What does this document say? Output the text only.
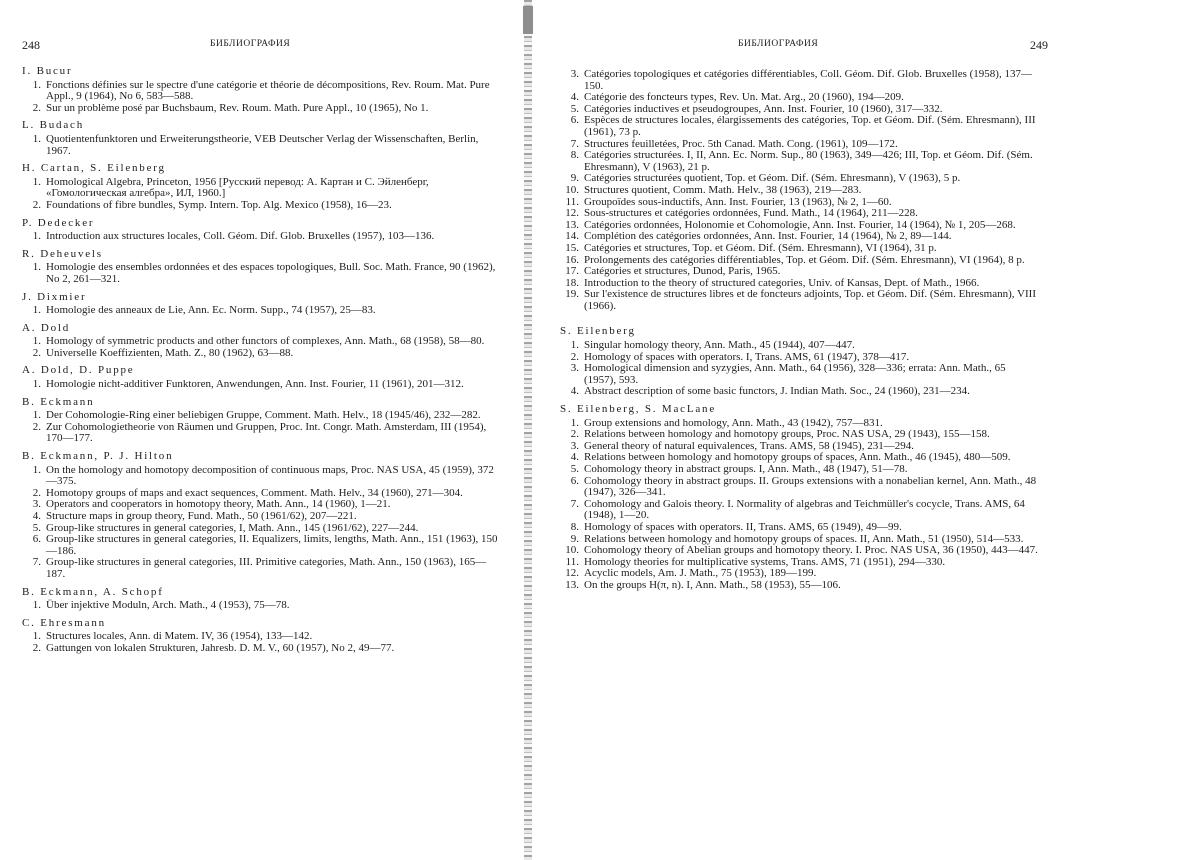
248	БИБЛИОГРАФИЯ
I. Bucur
1. Fonctions définies sur le spectre d'une catégorie et théorie de décompositions, Rev. Roum. Mat. Pure Appl., 9 (1964), No 6, 583—588.
2. Sur un problème posé par Buchsbaum, Rev. Roum. Math. Pure Appl., 10 (1965), No 1.
L. Budach
1. Quotientenfunktoren und Erweiterungstheorie, VEB Deutscher Verlag der Wissenschaften, Berlin, 1967.
H. Cartan, S. Eilenberg
1. Homological Algebra, Princeton, 1956 [Русский перевод: А. Картан и С. Эйленберг, «Гомологическая алгебра», ИЛ, 1960.]
2. Foundations of fibre bundles, Symp. Intern. Top. Alg. Mexico (1958), 16—23.
P. Dedecker
1. Introduction aux structures locales, Coll. Géom. Dif. Glob. Bruxelles (1957), 103—136.
R. Deheuvels
1. Homologie des ensembles ordonnées et des espaces topologiques, Bull. Soc. Math. France, 90 (1962), No 2, 261—321.
J. Dixmier
1. Homologie des anneaux de Lie, Ann. Ec. Norm. Supp., 74 (1957), 25—83.
A. Dold
1. Homology of symmetric products and other functors of complexes, Ann. Math., 68 (1958), 58—80.
2. Universelle Koeffizienten, Math. Z., 80 (1962), 63—88.
A. Dold, D. Puppe
1. Homologie nicht-additiver Funktoren, Anwendungen, Ann. Inst. Fourier, 11 (1961), 201—312.
B. Eckmann
1. Der Cohomologie-Ring einer beliebigen Gruppe, Comment. Math. Helv., 18 (1945/46), 232—282.
2. Zur Cohomologietheorie von Räumen und Gruppen, Proc. Int. Congr. Math. Amsterdam, III (1954), 170—177.
B. Eckmann, P. J. Hilton
1. On the homology and homotopy decomposition of continuous maps, Proc. NAS USA, 45 (1959), 372—375.
2. Homotopy groups of maps and exact sequences, Comment. Math. Helv., 34 (1960), 271—304.
3. Operators and cooperators in homotopy theory, Math. Ann., 14 (1960), 1—21.
4. Structure maps in group theory, Fund. Math., 50 (1961/62), 207—221.
5. Group-like structures in general categories, I, Math. Ann., 145 (1961/62), 227—244.
6. Group-like structures in general categories, II. Equalizers, limits, lengths, Math. Ann., 151 (1963), 150—186.
7. Group-like structures in general categories, III. Primitive categories, Math. Ann., 150 (1963), 165—187.
B. Eckmann, A. Schopf
1. Über injektive Moduln, Arch. Math., 4 (1953), 75—78.
C. Ehresmann
1. Structures locales, Ann. di Matem. IV, 36 (1954), 133—142.
2. Gattungen von lokalen Strukturen, Jahresb. D. M. V., 60 (1957), No 2, 49—77.
249
БИБЛИОГРАФИЯ
3. Catégories topologiques et catégories différentiables, Coll. Géom. Dif. Glob. Bruxelles (1958), 137—150.
4. Catégorie des foncteurs types, Rev. Un. Mat. Arg., 20 (1960), 194—209.
5. Catégories inductives et pseudogroupes, Ann. Inst. Fourier, 10 (1960), 317—332.
6. Espèces de structures locales, élargissements des catégories, Top. et Géom. Dif. (Sém. Ehresmann), III (1961), 73 p.
7. Structures feuilletées, Proc. 5th Canad. Math. Cong. (1961), 109—172.
8. Catégories structurées. I, II, Ann. Ec. Norm. Sup., 80 (1963), 349—426; III, Top. et Géom. Dif. (Sém. Ehresmann), V (1963), 21 p.
9. Catégories structurées quotient, Top. et Géom. Dif. (Sém. Ehresmann), V (1963), 5 p.
10. Structures quotient, Comm. Math. Helv., 38 (1963), 219—283.
11. Groupoïdes sous-inductifs, Ann. Inst. Fourier, 13 (1963), № 2, 1—60.
12. Sous-structures et catégories ordonnées, Fund. Math., 14 (1964), 211—228.
13. Catégories ordonnées, Holonomie et Cohomologie, Ann. Inst. Fourier, 14 (1964), № 1, 205—268.
14. Complétion des catégories ordonnées, Ann. Inst. Fourier, 14 (1964), № 2, 89—144.
15. Catégories et structures, Top. et Géom. Dif. (Sém. Ehresmann), VI (1964), 31 p.
16. Prolongements des catégories différentiables, Top. et Géom. Dif. (Sém. Ehresmann), VI (1964), 8 p.
17. Catégories et structures, Dunod, Paris, 1965.
18. Introduction to the theory of structured categories, Univ. of Kansas, Dept. of Math., 1966.
19. Sur l'existence de structures libres et de foncteurs adjoints, Top. et Géom. Dif. (Sém. Ehresmann), VIII (1966).
S. Eilenberg
1. Singular homology theory, Ann. Math., 45 (1944), 407—447.
2. Homology of spaces with operators. I, Trans. AMS, 61 (1947), 378—417.
3. Homological dimension and syzygies, Ann. Math., 64 (1956), 328—336; errata: Ann. Math., 65 (1957), 593.
4. Abstract description of some basic functors, J. Indian Math. Soc., 24 (1960), 231—234.
S. Eilenberg, S. MacLane
1. Group extensions and homology, Ann. Math., 43 (1942), 757—831.
2. Relations between homology and homotopy groups, Proc. NAS USA, 29 (1943), 155—158.
3. General theory of natural equivalences, Trans. AMS, 58 (1945), 231—294.
4. Relations between homology and homotopy groups of spaces, Ann. Math., 46 (1945), 480—509.
5. Cohomology theory in abstract groups. I, Ann. Math., 48 (1947), 51—78.
6. Cohomology theory in abstract groups. II. Groups extensions with a nonabelian kernel, Ann. Math., 48 (1947), 326—341.
7. Cohomology and Galois theory. I. Normality of algebras and Teichmüller's cocycle, Trans. AMS, 64 (1948), 1—20.
8. Homology of spaces with operators. II, Trans. AMS, 65 (1949), 49—99.
9. Relations between homology and homotopy groups of spaces. II, Ann. Math., 51 (1950), 514—533.
10. Cohomology theory of Abelian groups and homotopy theory. I. Proc. NAS USA, 36 (1950), 443—447.
11. Homology theories for multiplicative systems, Trans. AMS, 71 (1951), 294—330.
12. Acyclic models, Am. J. Math., 75 (1953), 189—199.
13. On the groups H(π, n). I, Ann. Math., 58 (1953), 55—106.
